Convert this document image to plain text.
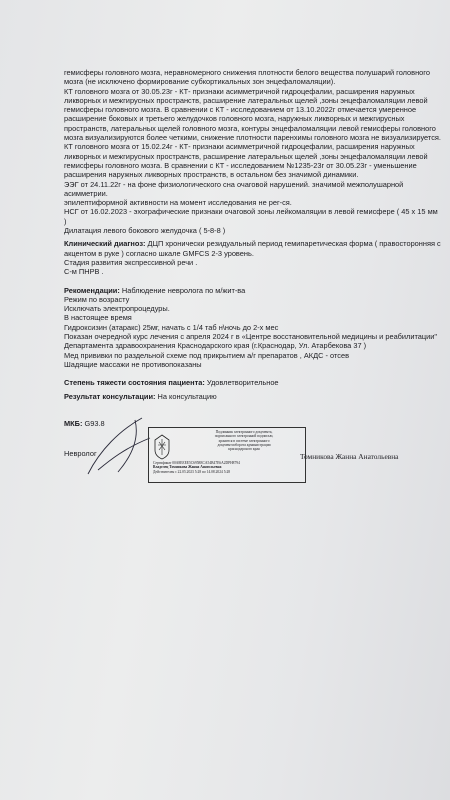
гемисферы головного мозга, неравномерного снижения плотности белого вещества полушарий головного

мозга (не исключено формирование субкортикальных зон энцефаломаляции).

КТ головного мозга от 30.05.23г - КТ- признаки асимметричной гидроцефалии, расширения наружных

ликворных и межгирусных пространств, расширение латеральных щелей ,зоны энцефаломаляции левой

гемисферы головного мозга. В сравнении с КТ - исследованием от 13.10.2022г отмечается умеренное

расширение боковых и третьего желудочков головного мозга, наружных ликворных и межгирусных

пространств, латеральных щелей головного мозга, контуры энцефаломаляции левой гемисферы головного

мозга визуализируются более четкими, снижение плотности паренхимы головного мозга не визуализируется.

КТ головного мозга от 15.02.24г - КТ- признаки асимметричной гидроцефалии, расширения наружных

ликворных и межгирусных пространств, расширение латеральных щелей ,зоны энцефаломаляции левой

гемисферы головного мозга. В сравнении с КТ - исследованием №1235-23г от 30.05.23г - уменьшение

расширения наружных ликворных пространств, в остальном без значимой динамики.

ЭЭГ от 24.11.22г - на фоне физиологического сна очаговой нарушений. значимой межполушарной асимметрии.

эпилептиформной активности на момент исследования не рег-ся.

НСГ от 16.02.2023 - эхографические признаки очаговой зоны лейкомаляции в левой гемисфере ( 45 х 15 мм )

Дилатация левого бокового желудочка ( 5-8-8 )

Клинический диагноз: ДЦП хронически резидуальный период гемипаретическая форма ( правосторонняя с

акцентом в руке ) согласно шкале GMFCS 2-3 уровень.

Стадия развития экспрессивной речи .

С-м ПНРВ .

Рекомендации: Наблюдение невролога по м/жит-ва

Режим по возрасту

Исключать электропроцедуры.

В настоящее время

Гидроксизин (атаракс) 25мг, начать с 1/4 таб н\ночь до 2-х мес

Показан очередной курс лечения с апреля 2024 г в «Центре восстановительной медицины и реабилитации"

Департамента здравоохранения Краснодарского края (г.Краснодар, Ул. Атарбекова 37 )

Мед прививки по раздельной схеме под прикрытием а/г препаратов , АКДС - отсев

Шадящие массажи не противопоказаны

Степень тяжести состояния пациента: Удовлетворительное

Результат консультации: На консультацию

МКБ: G93.8

Невролог
Подлинник электронного документа,
подписанного электронной подписью,
хранится в системе электронного
документооборота администрации
краснодарского края
Сертификат 00A8EEEE5C6958ECA54B47E6A2DPH8794
Владелец Томникова Жанна Анатольевна
Действителен с 22.05.2023 5:28 по 14.08.2024 5:28
Томникова Жанна Анатольевна
